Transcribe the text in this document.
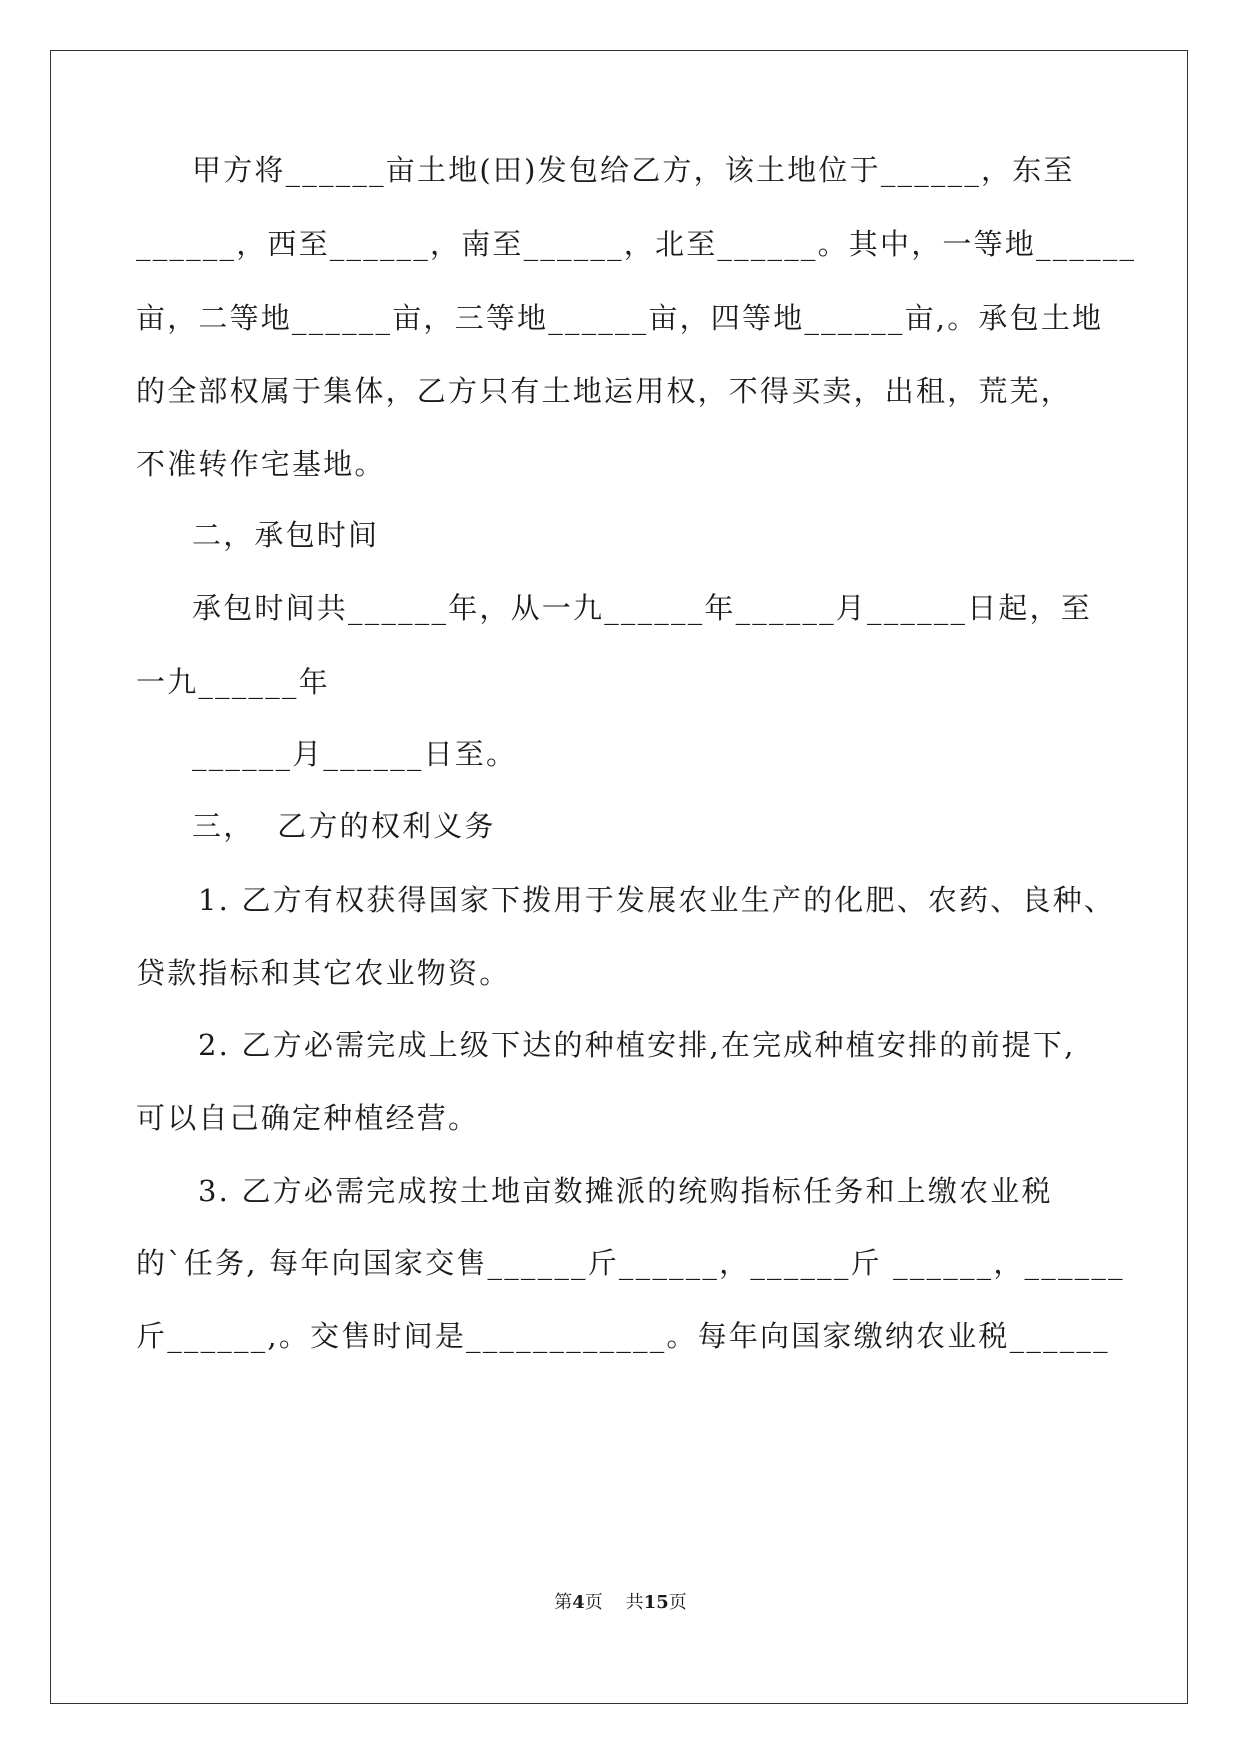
甲方将______亩土地(田)发包给乙方，该土地位于______，东至
______，西至______，南至______，北至______。其中，一等地______
亩，二等地______亩，三等地______亩，四等地______亩,。承包土地
的全部权属于集体，乙方只有土地运用权，不得买卖，出租，荒芜，
不准转作宅基地。
二，承包时间
承包时间共______年，从一九______年______月______日起，至
一九______年
______月______日至。
三，  乙方的权利义务
1. 乙方有权获得国家下拨用于发展农业生产的化肥、农药、良种、
贷款指标和其它农业物资。
2. 乙方必需完成上级下达的种植安排,在完成种植安排的前提下,
可以自己确定种植经营。
3. 乙方必需完成按土地亩数摊派的统购指标任务和上缴农业税
的`任务, 每年向国家交售______斤______，______斤 ______，______
斤______,。交售时间是____________。每年向国家缴纳农业税______
第4页 共15页
